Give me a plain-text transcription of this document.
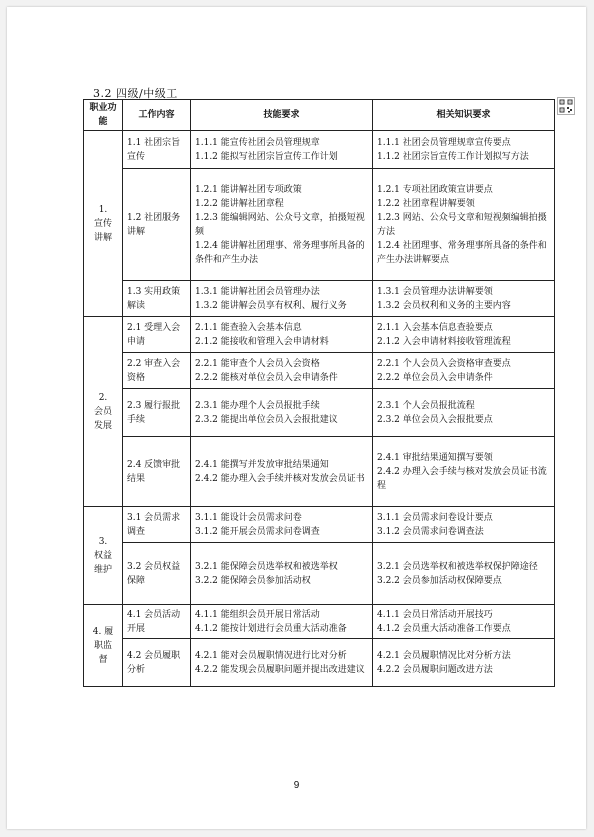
3.2 四级/中级工
职业功能	工作内容	技能要求	相关知识要求

1.
宣传
讲解	1.1 社团宗旨宣传	1.1.1 能宣传社团会员管理规章
1.1.2 能拟写社团宗旨宣传工作计划	1.1.1 社团会员管理规章宣传要点
1.1.2 社团宗旨宣传工作计划拟写方法

	1.2 社团服务讲解	1.2.1 能讲解社团专项政策
1.2.2 能讲解社团章程
1.2.3 能编辑网站、公众号文章，拍摄短视频
1.2.4 能讲解社团理事、常务理事所具备的条件和产生办法	1.2.1 专项社团政策宣讲要点
1.2.2 社团章程讲解要领
1.2.3 网站、公众号文章和短视频编辑拍摄方法
1.2.4 社团理事、常务理事所具备的条件和产生办法讲解要点

	1.3 实用政策解读	1.3.1 能讲解社团会员管理办法
1.3.2 能讲解会员享有权利、履行义务	1.3.1 会员管理办法讲解要领
1.3.2 会员权利和义务的主要内容

2.
会员
发展	2.1 受理入会申请	2.1.1 能查验入会基本信息
2.1.2 能接收和管理入会申请材料	2.1.1 入会基本信息查验要点
2.1.2 入会申请材料接收管理流程

	2.2 审查入会资格	2.2.1 能审查个人会员入会资格
2.2.2 能核对单位会员入会申请条件	2.2.1 个人会员入会资格审查要点
2.2.2 单位会员入会申请条件

	2.3 履行报批手续	2.3.1 能办理个人会员报批手续
2.3.2 能提出单位会员入会报批建议	2.3.1 个人会员报批流程
2.3.2 单位会员入会报批要点

	2.4 反馈审批结果	2.4.1 能撰写并发放审批结果通知
2.4.2 能办理入会手续并核对发放会员证书	2.4.1 审批结果通知撰写要领
2.4.2 办理入会手续与核对发放会员证书流程

3.
权益
维护	3.1 会员需求调查	3.1.1 能设计会员需求问卷
3.1.2 能开展会员需求问卷调查	3.1.1 会员需求问卷设计要点
3.1.2 会员需求问卷调查法

	3.2 会员权益保障	3.2.1 能保障会员选举权和被选举权
3.2.2 能保障会员参加活动权	3.2.1 会员选举权和被选举权保护障途径
3.2.2 会员参加活动权保障要点

4. 履
职监
督	4.1 会员活动开展	4.1.1 能组织会员开展日常活动
4.1.2 能按计划进行会员重大活动准备	4.1.1 会员日常活动开展技巧
4.1.2 会员重大活动准备工作要点

	4.2 会员履职分析	4.2.1 能对会员履职情况进行比对分析
4.2.2 能发现会员履职问题并提出改进建议	4.2.1 会员履职情况比对分析方法
4.2.2 会员履职问题改进方法
9
